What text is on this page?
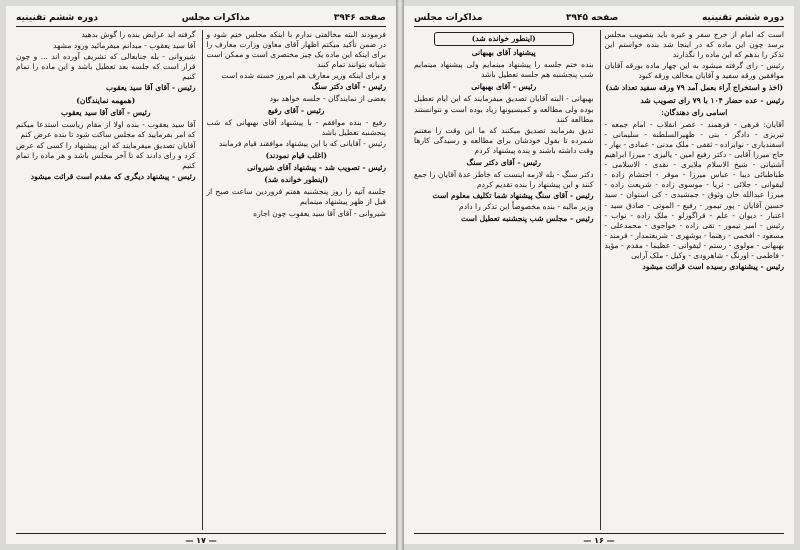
صفحه ۳۹۴۶
مذاکرات مجلس
دوره ششم تقنینیه

فرمودند البته مخالفتی ندارم با اینکه مجلس ختم شود و در ضمن تأکید میکنم اظهار آقای معاون وزارت معارف را برای اینکه این ماده یک چیز مختصری است و ممکن است شبانه بتوانند تمام کنند

و برای اینکه وزیر معارف هم امروز خسته شده است

رئیس - آقای دکتر سنگ

بعضی از نمایندگان - جلسه خواهد بود

رئیس - آقای رفیع

رفیع - بنده موافقم - با پیشنهاد آقای بهبهانی که شب پنجشنبه تعطیل باشد

رئیس - آقایانی که با این پیشنهاد موافقند قیام فرمایند

(اغلب قیام نمودند)

رئیس - تصویب شد - پیشنهاد آقای شیروانی

(اینطور خوانده شد)

جلسه آتیه را روز پنجشنبه هفتم فروردین ساعت صبح از قبل از ظهر پیشنهاد مینمایم

شیروانی - آقای آقا سید یعقوب چون اجازه

گرفته اید عرایض بنده را گوش بدهید

آقا سید یعقوب - میدانم میفرمائید ورود مشهد

شیروانی - بله جنابعالی که تشریف آورده اند ... و چون قرار است که جلسه بعد تعطیل باشد و این ماده را تمام کنیم

رئیس - آقای آقا سید یعقوب

(همهمه نمایندگان)

رئیس - آقای آقا سید یعقوب

آقا سید یعقوب - بنده اولا از مقام ریاست استدعا میکنم که امر بفرمایید که مجلس ساکت شود تا بنده عرض کنم

آقایان تصدیق میفرمایند که این پیشنهاد را کسی که عرض کرد و رای دادند که تا آخر مجلس باشد و هر ماده را تمام کنیم

رئیس - پیشنهاد دیگری که مقدم است قرائت میشود

— ۱۷ —
دوره ششم تقنینیه
صفحه ۳۹۴۵
مذاکرات مجلس

است که امام از خرج سفر و غیره باید بتصویب مجلس برسد چون این ماده که در اینجا شد بنده خواستم این تذکر را بدهم که این ماده را نگذارند

رئیس - رای گرفته میشود به این چهار ماده بورقه آقایان موافقین ورقه سفید و آقایان مخالف ورقه کبود

(اخذ و استخراج آراء بعمل آمد ۷۹ ورقه سفید تعداد شد)

رئیس - عده حضار ۱۰۴ با ۷۹ رای تصویب شد

اسامی رای دهندگان:

آقایان: فرهی - فرهمند - عصر انقلاب - امام جمعه - تبریزی - دادگر - بنی - ظهیرالسلطنه - سلیمانی - اسفندیاری - نوابزاده - ثقفی - ملک مدنی - عمادی - بهار - حاج میرزا آقایی - دکتر رفیع امین - یالیزی - میرزا ابراهیم آشتیانی - شیخ الاسلام ملایری - نقدی - الاسلامی - طباطبائی دیبا - عباس میرزا - موقر - احتشام زاده - لیقوانی - جلائی - ثریا - موسوی زاده - شریعت زاده - میرزا عبدالله خان وثوق - جمشیدی - کی استوان - سید حسین آقایان - پور تیمور - رفیع - الموتی - صادق سید - اعتبار - دیوان - علم - قراگوزلو - ملک زاده - نواب - رئیس - امیر تیمور - تقی زاده - خواجوی - محمدعلی - مسعود - افخمی - رهنما - بوشهری - شریعتمدار - فرمند - بهبهانی - مولوی - رستم - لیقوانی - عظیما - مقدم - مؤید - فاطمی - اورنگ - شاهرودی - وکیل - ملک آرایی

رئیس - پیشنهادی رسیده است قرائت میشود

(اینطور خوانده شد)

پیشنهاد آقای بهبهانی

بنده ختم جلسه را پیشنهاد مینمایم ولی پیشنهاد مینمایم شب پنجشنبه هم جلسه تعطیل باشد

رئیس - آقای بهبهانی

بهبهانی - البته آقایان تصدیق میفرمایند که این ایام تعطیل بوده ولی مطالعه و کمیسیونها زیاد بوده است و نتوانستند مطالعه کنند

تدیق بفرمایند تصدیق میکنند که ما این وقت را مغتنم شمرده تا بقول خودشان برای مطالعه و رسیدگی کارها وقت داشته باشند و بنده پیشنهاد کردم

رئیس - آقای دکتر سنگ

دکتر سنگ - بله لازمه اینست که خاطر عدهٔ آقایان را جمع کنند و این پیشنهاد را بنده تقدیم کردم

رئیس - آقای سنگ پیشنهاد شما تکلیف معلوم است

وزیر مالیه - بنده مخصوصاً این تذکر را دادم

رئیس - مجلس شب پنجشنبه تعطیل است

— ۱۶ —
